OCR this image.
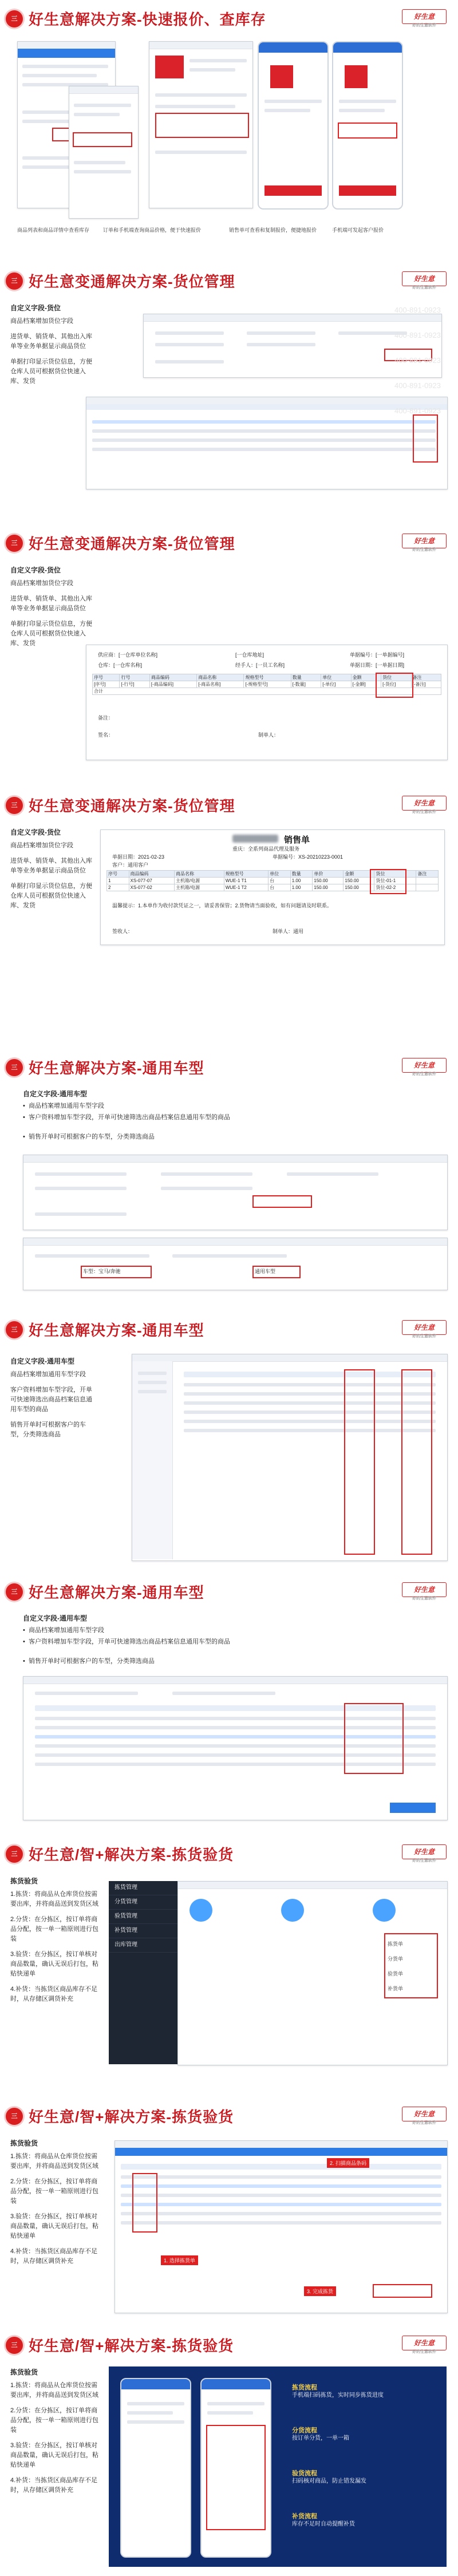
三 好生意解决方案-快速报价、查库存	好生意
好的生意软件
商品列表和商品详情中查看库存	订单和手机端查询商品价格，便于快速报价	销售单可查看和复制报价，便捷地报价	手机端可发起客户报价
三 好生意变通解决方案-货位管理	好生意
好的生意软件
自定义字段-货位

商品档案增加货位字段

进货单、销货单、其他出入库单等业务单据显示商品货位

单据打印显示货位信息，方便仓库人员可根据货位快速入库、发货

三 好生意变通解决方案-货位管理	好生意
好的生意软件
自定义字段-货位

商品档案增加货位字段

进货单、销货单、其他出入库单等业务单据显示商品货位

单据打印显示货位信息，方便仓库人员可根据货位快速入库、发货

供应商：[一仓库单位名称]	[一仓库地址]	单据编号：[一单据编号]
仓库：[一仓库名称]	经手人：[一员工名称]	单据日期：[一单据日期]
序号	行号	商品编码	商品名称	规格型号	数量	单位	金额	货位	备注
[序号]	[-行号]	[-商品编码]	[-商品名称]	[-规格型号]	[-数量]	[-单位]	[-金额]	[-货位]	[-备注]
合计									
备注：
签名：	制单人：
三 好生意变通解决方案-货位管理	好生意
好的生意软件
自定义字段-货位

商品档案增加货位字段

进货单、销货单、其他出入库单等业务单据显示商品货位

单据打印显示货位信息，方便仓库人员可根据货位快速入库、发货

销售单
重庆：全系列商品代理及服务
单据日期：2021-02-23	单据编号：XS-20210223-0001
客户：通用客户
序号	商品编码	商品名称	规格型号	单位	数量	单价	金额	货位	备注
1	XS-077-07	主机箱/电源	WUE-1 T1	台	1.00	150.00	150.00	货位-01-1	
2	XS-077-02	主机箱/电源	WUE-1 T2	台	1.00	150.00	150.00	货位-02-2	
温馨提示：1.本单作为收付款凭证之一，请妥善保管；2.货物请当面验收，如有问题请及时联系。
签收人：	制单人：通用
三 好生意解决方案-通用车型	好生意
好的生意软件
自定义字段-通用车型
• 商品档案增加通用车型字段
• 客户资料增加车型字段，开单可快速筛选出商品档案信息通用车型的商品
• 销售开单时可根据客户的车型，分类筛选商品
车型：宝马/奔驰	通用车型
三 好生意解决方案-通用车型	好生意
好的生意软件
自定义字段-通用车型

商品档案增加通用车型字段

客户资料增加车型字段，开单可快速筛选出商品档案信息通用车型的商品

销售开单时可根据客户的车型，分类筛选商品

三 好生意解决方案-通用车型	好生意
好的生意软件
自定义字段-通用车型
• 商品档案增加通用车型字段
• 客户资料增加车型字段，开单可快速筛选出商品档案信息通用车型的商品
• 销售开单时可根据客户的车型，分类筛选商品
三 好生意/智+解决方案-拣货验货	好生意
好的生意软件
拣货验货

1.拣货：将商品从仓库货位按需要出库，并将商品送到发货区域

2.分货：在分拣区，按订单将商品分配，按一单一箱原则进行包装

3.验货：在分拣区，按订单核对商品数量，确认无误后打包，粘贴快递单

4.补货：当拣货区商品库存不足时，从存储区调货补充

拣货管理
分货管理
验货管理
补货管理
出库管理	拣货单
分货单
验货单
补货单
三 好生意/智+解决方案-拣货验货	好生意
好的生意软件
拣货验货

1.拣货：将商品从仓库货位按需要出库，并将商品送到发货区域

2.分货：在分拣区，按订单将商品分配，按一单一箱原则进行包装

3.验货：在分拣区，按订单核对商品数量，确认无误后打包，粘贴快递单

4.补货：当拣货区商品库存不足时，从存储区调货补充	1. 选择拣货单
2. 扫描商品条码
3. 完成拣货
三 好生意/智+解决方案-拣货验货	好生意
好的生意软件
拣货验货

1.拣货：将商品从仓库货位按需要出库，并将商品送到发货区域

2.分货：在分拣区，按订单将商品分配，按一单一箱原则进行包装

3.验货：在分拣区，按订单核对商品数量，确认无误后打包，粘贴快递单

4.补货：当拣货区商品库存不足时，从存储区调货补充

拣货流程
手机端扫码拣货，实时同步拣货进度
分货流程
按订单分货，一单一箱
验货流程
扫码核对商品，防止错发漏发
补货流程
库存不足时自动提醒补货
400-891-0923
400-891-0923
400-891-0923
400-891-0923
400-891-0923
